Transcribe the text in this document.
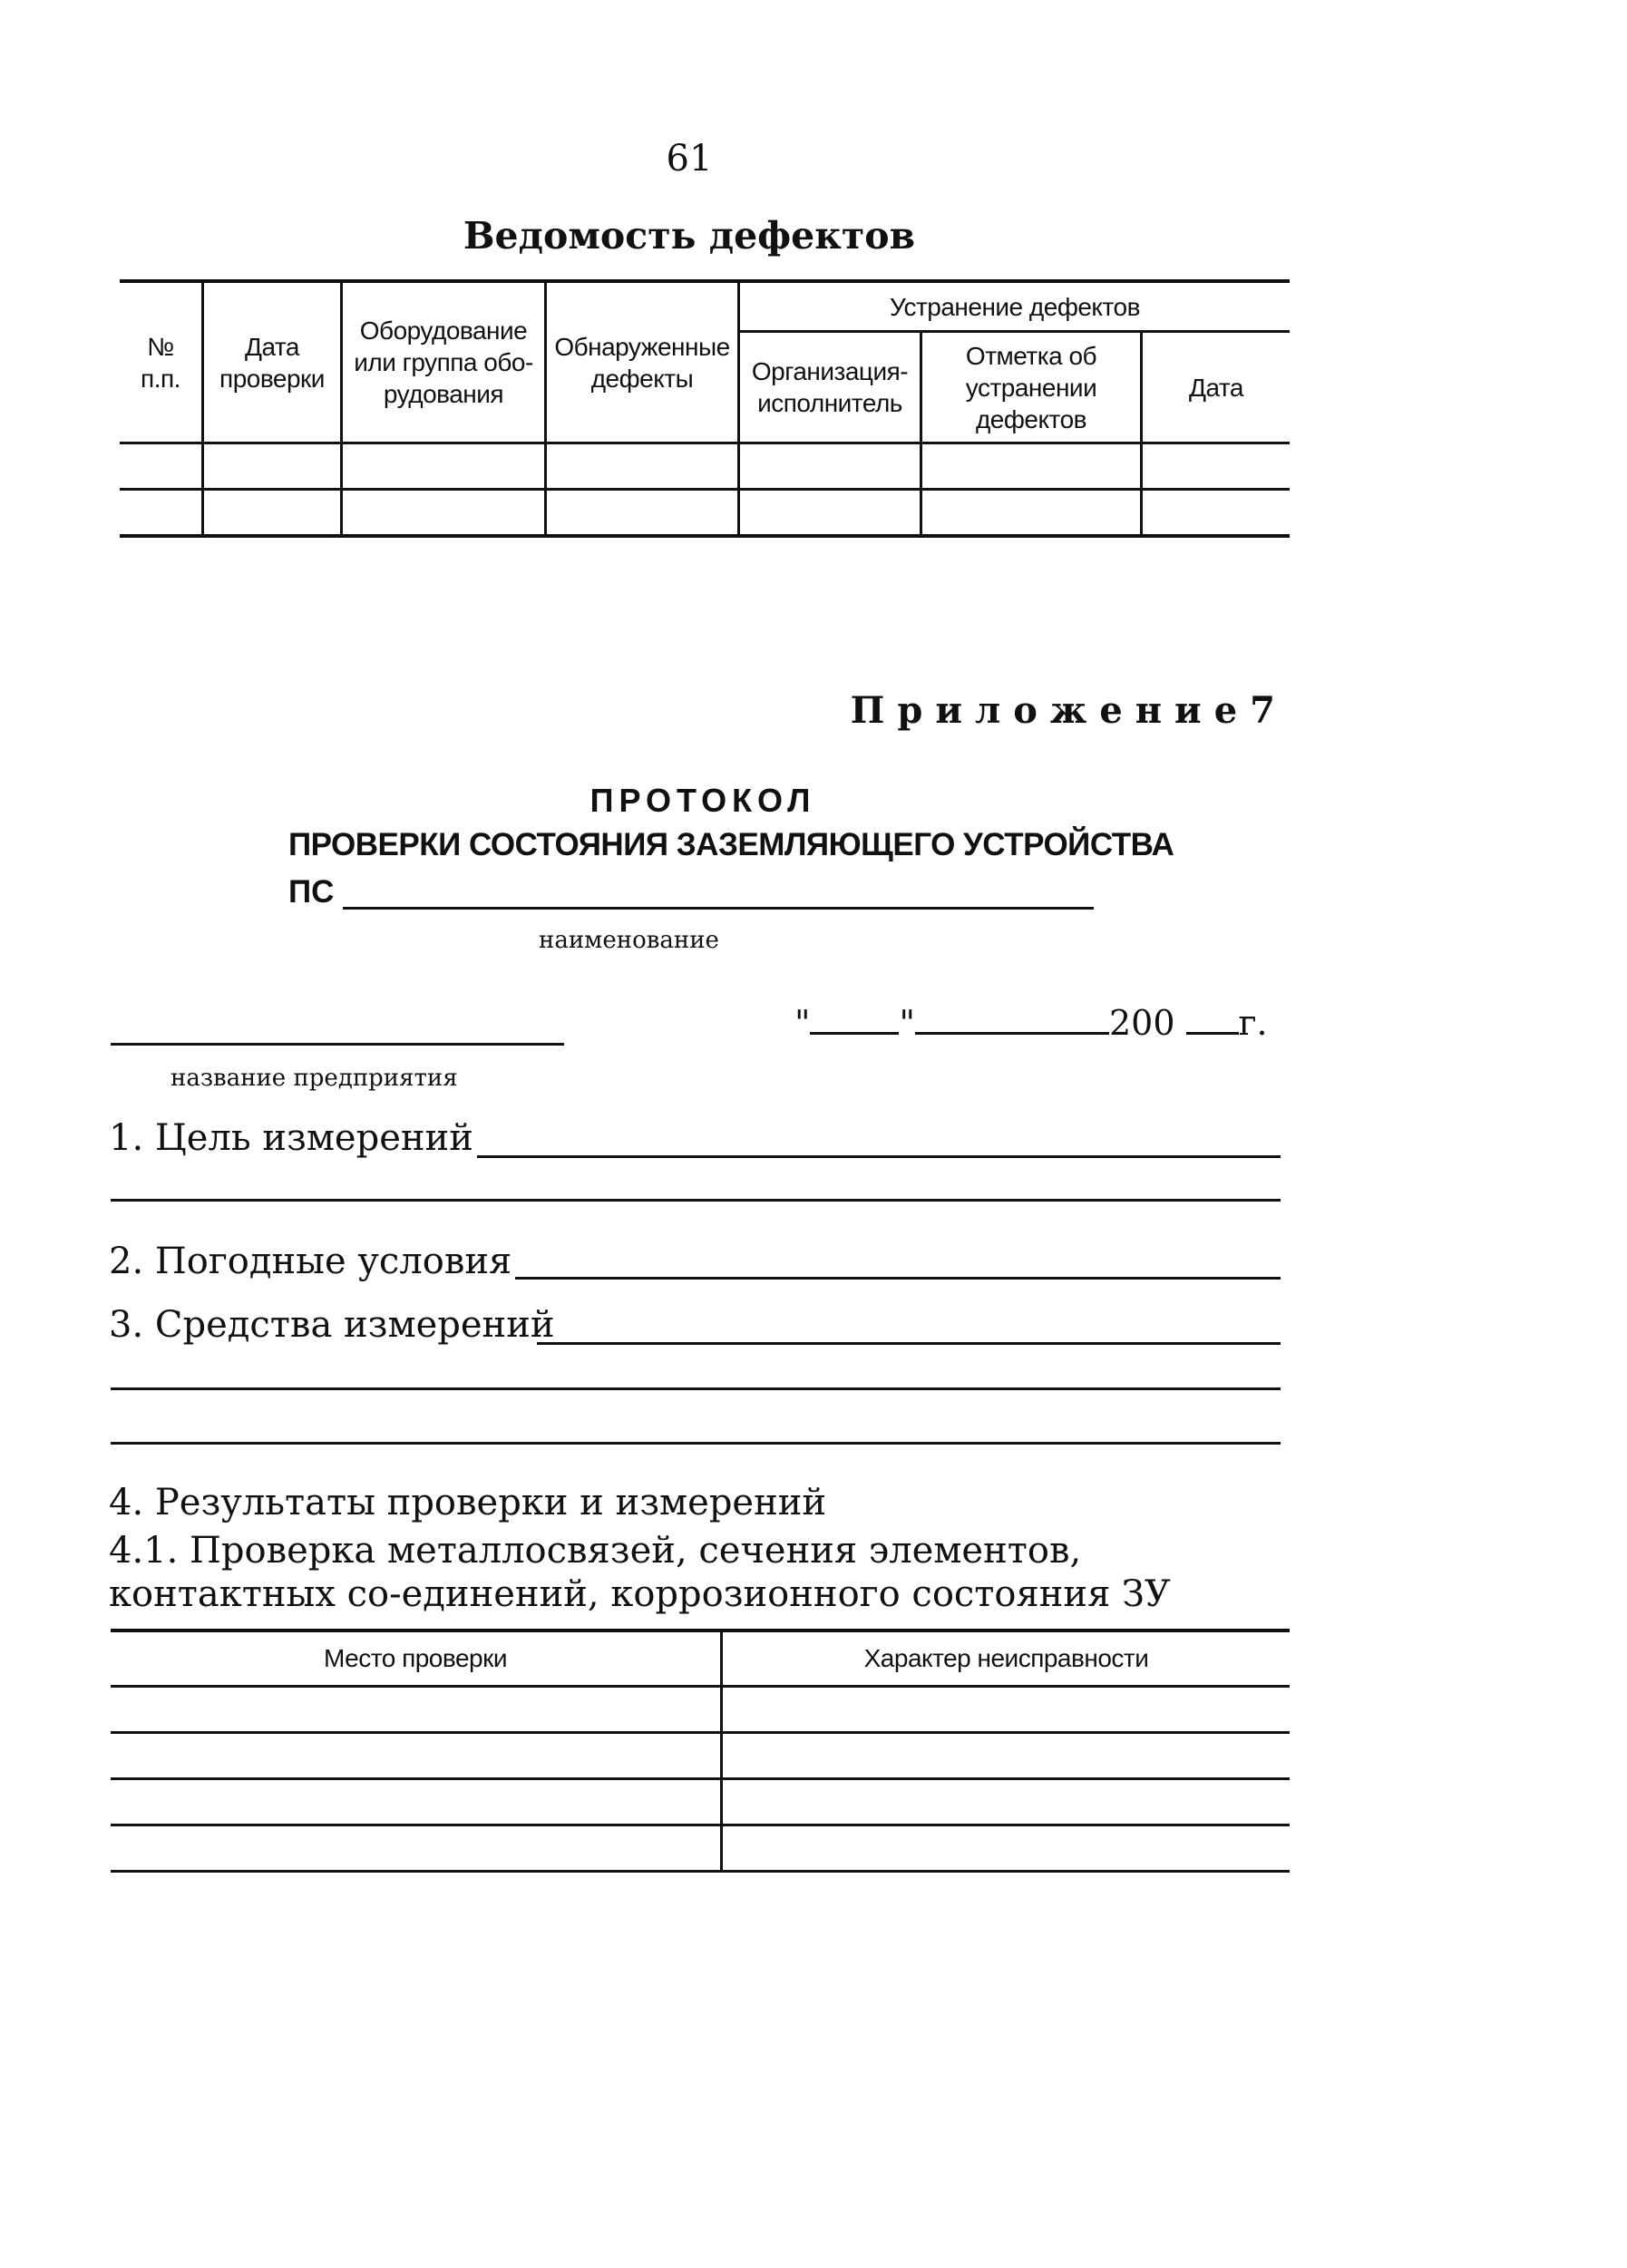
61
Ведомость дефектов
№ п.п.	Дата проверки	Оборудование или группа обо-рудования	Обнаруженные дефекты	Устранение дефектов		
				Организация-исполнитель	Отметка об устранении дефектов	Дата

Приложение7
ПРОТОКОЛ
ПРОВЕРКИ СОСТОЯНИЯ ЗАЗЕМЛЯЮЩЕГО УСТРОЙСТВА
ПС
наименование
название предприятия
"	"	200 г.
1. Цель измерений
2. Погодные условия
3. Средства измерений
4. Результаты проверки и измерений
4.1. Проверка металлосвязей, сечения элементов, контактных со-единений, коррозионного состояния ЗУ
Место проверки	Характер неисправности
